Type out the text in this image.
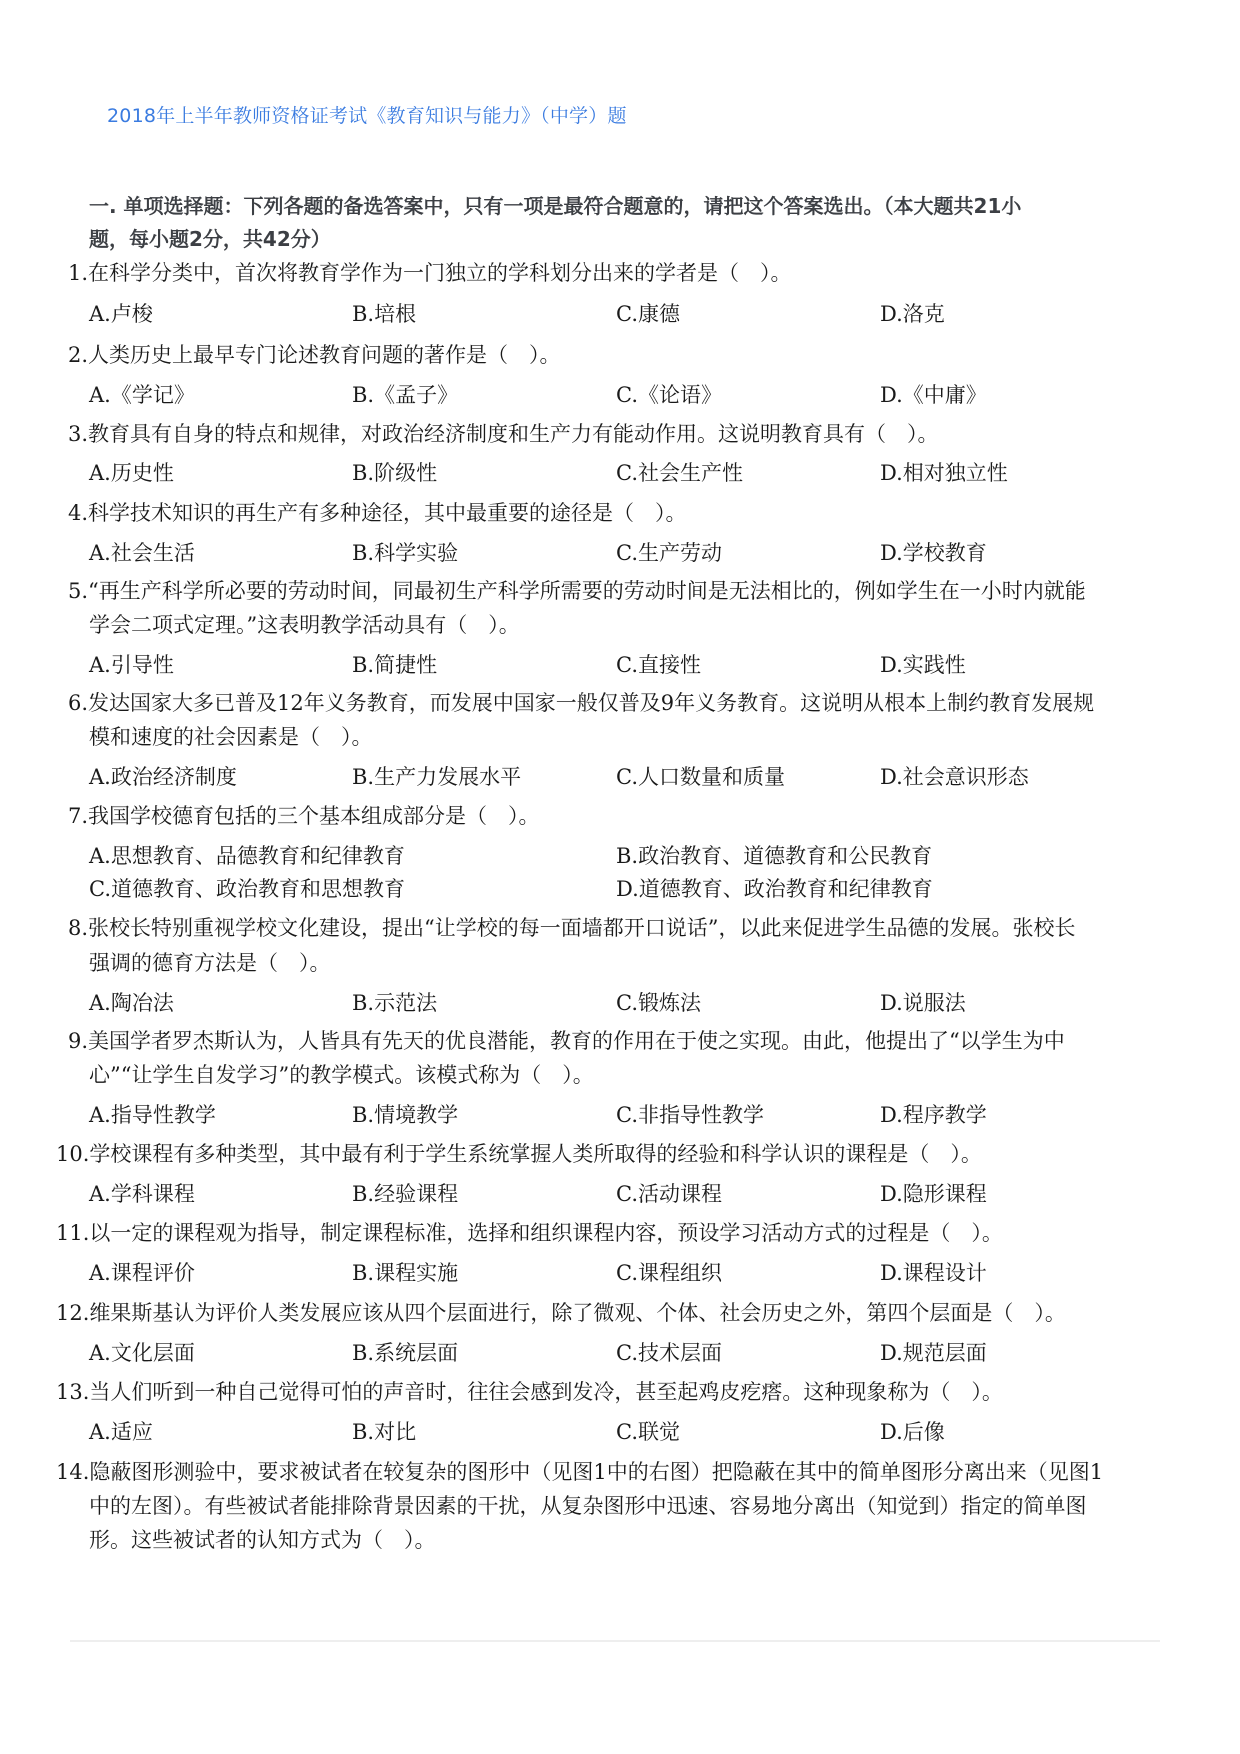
2018年上半年教师资格证考试《教育知识与能力》（中学）题
一. 单项选择题：下列各题的备选答案中，只有一项是最符合题意的，请把这个答案选出。（本大题共21小
题，每小题2分，共42分）
1.在科学分类中，首次将教育学作为一门独立的学科划分出来的学者是（　）。
A.卢梭	B.培根	C.康德	D.洛克
2.人类历史上最早专门论述教育问题的著作是（　）。
A.《学记》	B.《孟子》	C.《论语》	D.《中庸》
3.教育具有自身的特点和规律，对政治经济制度和生产力有能动作用。这说明教育具有（　）。
A.历史性	B.阶级性	C.社会生产性	D.相对独立性
4.科学技术知识的再生产有多种途径，其中最重要的途径是（　）。
A.社会生活	B.科学实验	C.生产劳动	D.学校教育
5.“再生产科学所必要的劳动时间，同最初生产科学所需要的劳动时间是无法相比的，例如学生在一小时内就能
学会二项式定理。”这表明教学活动具有（　）。
A.引导性	B.简捷性	C.直接性	D.实践性
6.发达国家大多已普及12年义务教育，而发展中国家一般仅普及9年义务教育。这说明从根本上制约教育发展规
模和速度的社会因素是（　）。
A.政治经济制度	B.生产力发展水平	C.人口数量和质量	D.社会意识形态
7.我国学校德育包括的三个基本组成部分是（　）。
A.思想教育、品德教育和纪律教育	B.政治教育、道德教育和公民教育
C.道德教育、政治教育和思想教育	D.道德教育、政治教育和纪律教育
8.张校长特别重视学校文化建设，提出“让学校的每一面墙都开口说话”，以此来促进学生品德的发展。张校长
强调的德育方法是（　）。
A.陶冶法	B.示范法	C.锻炼法	D.说服法
9.美国学者罗杰斯认为，人皆具有先天的优良潜能，教育的作用在于使之实现。由此，他提出了“以学生为中
心”“让学生自发学习”的教学模式。该模式称为（　）。
A.指导性教学	B.情境教学	C.非指导性教学	D.程序教学
10.学校课程有多种类型，其中最有利于学生系统掌握人类所取得的经验和科学认识的课程是（　）。
A.学科课程	B.经验课程	C.活动课程	D.隐形课程
11.以一定的课程观为指导，制定课程标准，选择和组织课程内容，预设学习活动方式的过程是（　）。
A.课程评价	B.课程实施	C.课程组织	D.课程设计
12.维果斯基认为评价人类发展应该从四个层面进行，除了微观、个体、社会历史之外，第四个层面是（　）。
A.文化层面	B.系统层面	C.技术层面	D.规范层面
13.当人们听到一种自己觉得可怕的声音时，往往会感到发冷，甚至起鸡皮疙瘩。这种现象称为（　）。
A.适应	B.对比	C.联觉	D.后像
14.隐蔽图形测验中，要求被试者在较复杂的图形中（见图1中的右图）把隐蔽在其中的简单图形分离出来（见图1
中的左图）。有些被试者能排除背景因素的干扰，从复杂图形中迅速、容易地分离出（知觉到）指定的简单图
形。这些被试者的认知方式为（　）。
